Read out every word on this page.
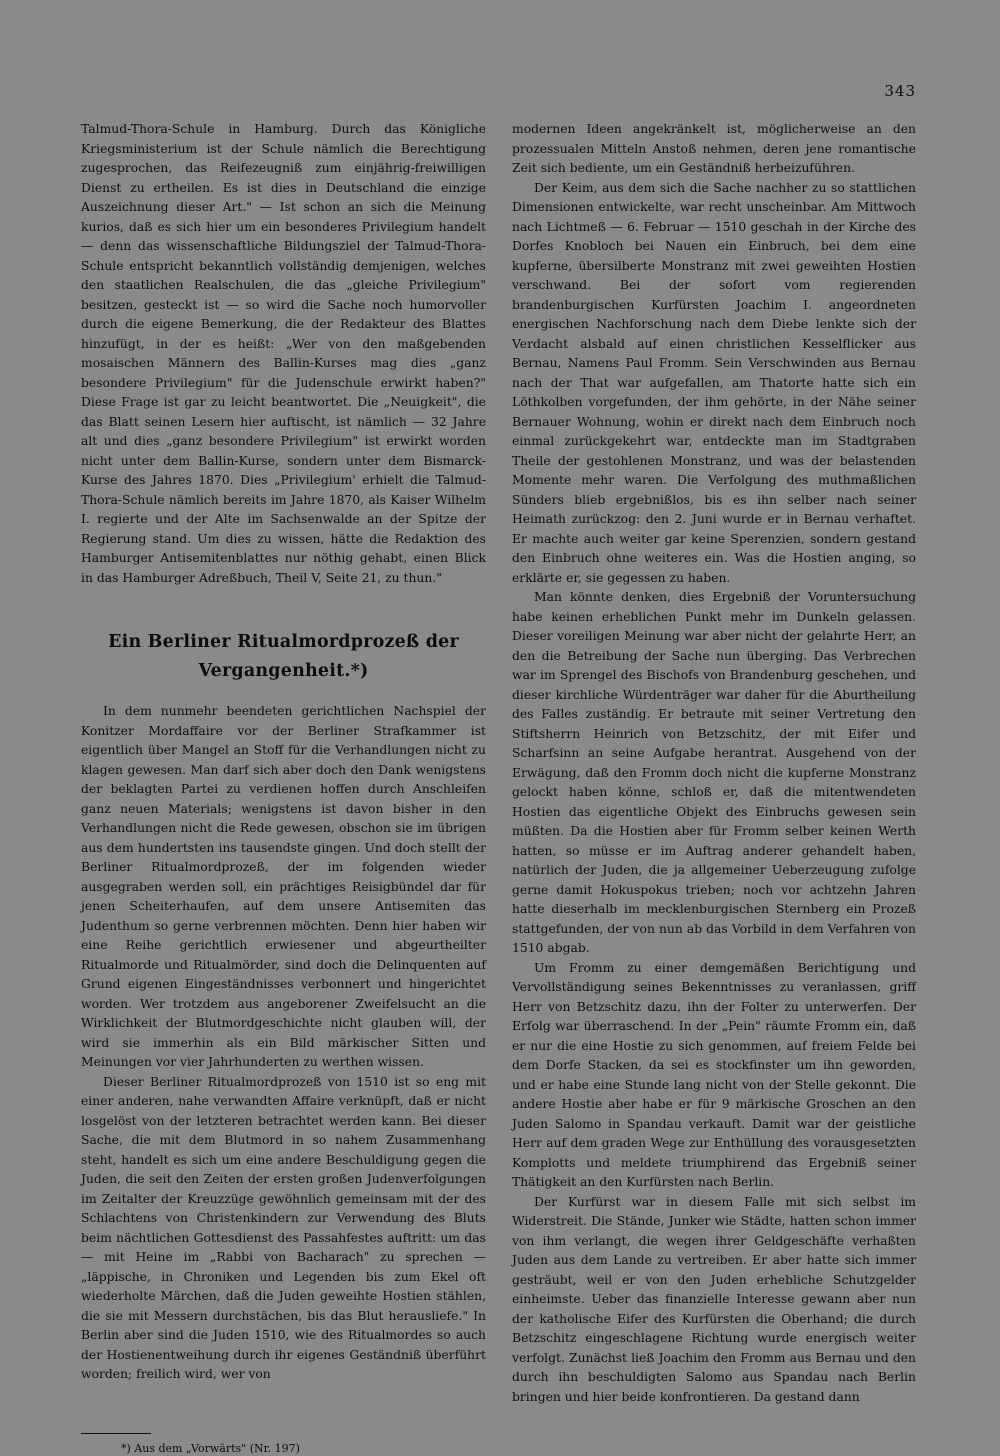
343

Talmud-Thora-Schule in Hamburg. Durch das Königliche Kriegsministerium ist der Schule nämlich die Berechtigung zugesprochen, das Reifezeugniß zum einjährig-freiwilligen Dienst zu ertheilen. Es ist dies in Deutschland die einzige Auszeichnung dieser Art." — Ist schon an sich die Meinung kurios, daß es sich hier um ein besonderes Privilegium handelt — denn das wissenschaftliche Bildungsziel der Talmud-Thora-Schule entspricht bekanntlich vollständig demjenigen, welches den staatlichen Realschulen, die das „gleiche Privilegium" besitzen, gesteckt ist — so wird die Sache noch humorvoller durch die eigene Bemerkung, die der Redakteur des Blattes hinzufügt, in der es heißt: „Wer von den maßgebenden mosaischen Männern des Ballin-Kurses mag dies „ganz besondere Privilegium" für die Judenschule erwirkt haben?" Diese Frage ist gar zu leicht beantwortet. Die „Neuigkeit", die das Blatt seinen Lesern hier auftischt, ist nämlich — 32 Jahre alt und dies „ganz besondere Privilegium" ist erwirkt worden nicht unter dem Ballin-Kurse, sondern unter dem Bismarck-Kurse des Jahres 1870. Dies „Privilegium' erhielt die Talmud-Thora-Schule nämlich bereits im Jahre 1870, als Kaiser Wilhelm I. regierte und der Alte im Sachsenwalde an der Spitze der Regierung stand. Um dies zu wissen, hätte die Redaktion des Hamburger Antisemitenblattes nur nöthig gehabt, einen Blick in das Hamburger Adreßbuch, Theil V, Seite 21, zu thun."

Ein Berliner Ritualmordprozeß der
Vergangenheit.*)

In dem nunmehr beendeten gerichtlichen Nachspiel der Konitzer Mordaffaire vor der Berliner Strafkammer ist eigentlich über Mangel an Stoff für die Verhandlungen nicht zu klagen gewesen. Man darf sich aber doch den Dank wenigstens der beklagten Partei zu verdienen hoffen durch Anschleifen ganz neuen Materials; wenigstens ist davon bisher in den Verhandlungen nicht die Rede gewesen, obschon sie im übrigen aus dem hundertsten ins tausendste gingen. Und doch stellt der Berliner Ritualmordprozeß, der im folgenden wieder ausgegraben werden soll, ein prächtiges Reisigbündel dar für jenen Scheiterhaufen, auf dem unsere Antisemiten das Judenthum so gerne verbrennen möchten. Denn hier haben wir eine Reihe gerichtlich erwiesener und abgeurtheilter Ritualmorde und Ritualmörder, sind doch die Delinquenten auf Grund eigenen Eingeständnisses verbonnert und hingerichtet worden. Wer trotzdem aus angeborener Zweifelsucht an die Wirklichkeit der Blutmordgeschichte nicht glauben will, der wird sie immerhin als ein Bild märkischer Sitten und Meinungen vor vier Jahrhunderten zu werthen wissen.

Dieser Berliner Ritualmordprozeß von 1510 ist so eng mit einer anderen, nahe verwandten Affaire verknüpft, daß er nicht losgelöst von der letzteren betrachtet werden kann. Bei dieser Sache, die mit dem Blutmord in so nahem Zusammenhang steht, handelt es sich um eine andere Beschuldigung gegen die Juden, die seit den Zeiten der ersten großen Judenverfolgungen im Zeitalter der Kreuzzüge gewöhnlich gemeinsam mit der des Schlachtens von Christenkindern zur Verwendung des Bluts beim nächtlichen Gottesdienst des Passahfestes auftritt: um das — mit Heine im „Rabbi von Bacharach" zu sprechen — „läppische, in Chroniken und Legenden bis zum Ekel oft wiederholte Märchen, daß die Juden geweihte Hostien stählen, die sie mit Messern durchstächen, bis das Blut herausliefe." In Berlin aber sind die Juden 1510, wie des Ritualmordes so auch der Hostienentweihung durch ihr eigenes Geständniß überführt worden; freilich wird, wer von

*) Aus dem „Vorwärts" (Nr. 197)

modernen Ideen angekränkelt ist, möglicherweise an den prozessualen Mitteln Anstoß nehmen, deren jene romantische Zeit sich bediente, um ein Geständniß herbeizuführen.

Der Keim, aus dem sich die Sache nachher zu so stattlichen Dimensionen entwickelte, war recht unscheinbar. Am Mittwoch nach Lichtmeß — 6. Februar — 1510 geschah in der Kirche des Dorfes Knobloch bei Nauen ein Einbruch, bei dem eine kupferne, übersilberte Monstranz mit zwei geweihten Hostien verschwand. Bei der sofort vom regierenden brandenburgischen Kurfürsten Joachim I. angeordneten energischen Nachforschung nach dem Diebe lenkte sich der Verdacht alsbald auf einen christlichen Kesselflicker aus Bernau, Namens Paul Fromm. Sein Verschwinden aus Bernau nach der That war aufgefallen, am Thatorte hatte sich ein Löthkolben vorgefunden, der ihm gehörte, in der Nähe seiner Bernauer Wohnung, wohin er direkt nach dem Einbruch noch einmal zurückgekehrt war, entdeckte man im Stadtgraben Theile der gestohlenen Monstranz, und was der belastenden Momente mehr waren. Die Verfolgung des muthmaßlichen Sünders blieb ergebnißlos, bis es ihn selber nach seiner Heimath zurückzog: den 2. Juni wurde er in Bernau verhaftet. Er machte auch weiter gar keine Sperenzien, sondern gestand den Einbruch ohne weiteres ein. Was die Hostien anging, so erklärte er, sie gegessen zu haben.

Man könnte denken, dies Ergebniß der Voruntersuchung habe keinen erheblichen Punkt mehr im Dunkeln gelassen. Dieser voreiligen Meinung war aber nicht der gelahrte Herr, an den die Betreibung der Sache nun überging. Das Verbrechen war im Sprengel des Bischofs von Brandenburg geschehen, und dieser kirchliche Würdenträger war daher für die Aburtheilung des Falles zuständig. Er betraute mit seiner Vertretung den Stiftsherrn Heinrich von Betzschitz, der mit Eifer und Scharfsinn an seine Aufgabe herantrat. Ausgehend von der Erwägung, daß den Fromm doch nicht die kupferne Monstranz gelockt haben könne, schloß er, daß die mitentwendeten Hostien das eigentliche Objekt des Einbruchs gewesen sein müßten. Da die Hostien aber für Fromm selber keinen Werth hatten, so müsse er im Auftrag anderer gehandelt haben, natürlich der Juden, die ja allgemeiner Ueberzeugung zufolge gerne damit Hokuspokus trieben; noch vor achtzehn Jahren hatte dieserhalb im mecklenburgischen Sternberg ein Prozeß stattgefunden, der von nun ab das Vorbild in dem Verfahren von 1510 abgab.

Um Fromm zu einer demgemäßen Berichtigung und Vervollständigung seines Bekenntnisses zu veranlassen, griff Herr von Betzschitz dazu, ihn der Folter zu unterwerfen. Der Erfolg war überraschend. In der „Pein" räumte Fromm ein, daß er nur die eine Hostie zu sich genommen, auf freiem Felde bei dem Dorfe Stacken, da sei es stockfinster um ihn geworden, und er habe eine Stunde lang nicht von der Stelle gekonnt. Die andere Hostie aber habe er für 9 märkische Groschen an den Juden Salomo in Spandau verkauft. Damit war der geistliche Herr auf dem graden Wege zur Enthüllung des vorausgesetzten Komplotts und meldete triumphirend das Ergebniß seiner Thätigkeit an den Kurfürsten nach Berlin.

Der Kurfürst war in diesem Falle mit sich selbst im Widerstreit. Die Stände, Junker wie Städte, hatten schon immer von ihm verlangt, die wegen ihrer Geldgeschäfte verhaßten Juden aus dem Lande zu vertreiben. Er aber hatte sich immer gesträubt, weil er von den Juden erhebliche Schutzgelder einheimste. Ueber das finanzielle Interesse gewann aber nun der katholische Eifer des Kurfürsten die Oberhand; die durch Betzschitz eingeschlagene Richtung wurde energisch weiter verfolgt. Zunächst ließ Joachim den Fromm aus Bernau und den durch ihn beschuldigten Salomo aus Spandau nach Berlin bringen und hier beide konfrontieren. Da gestand dann
